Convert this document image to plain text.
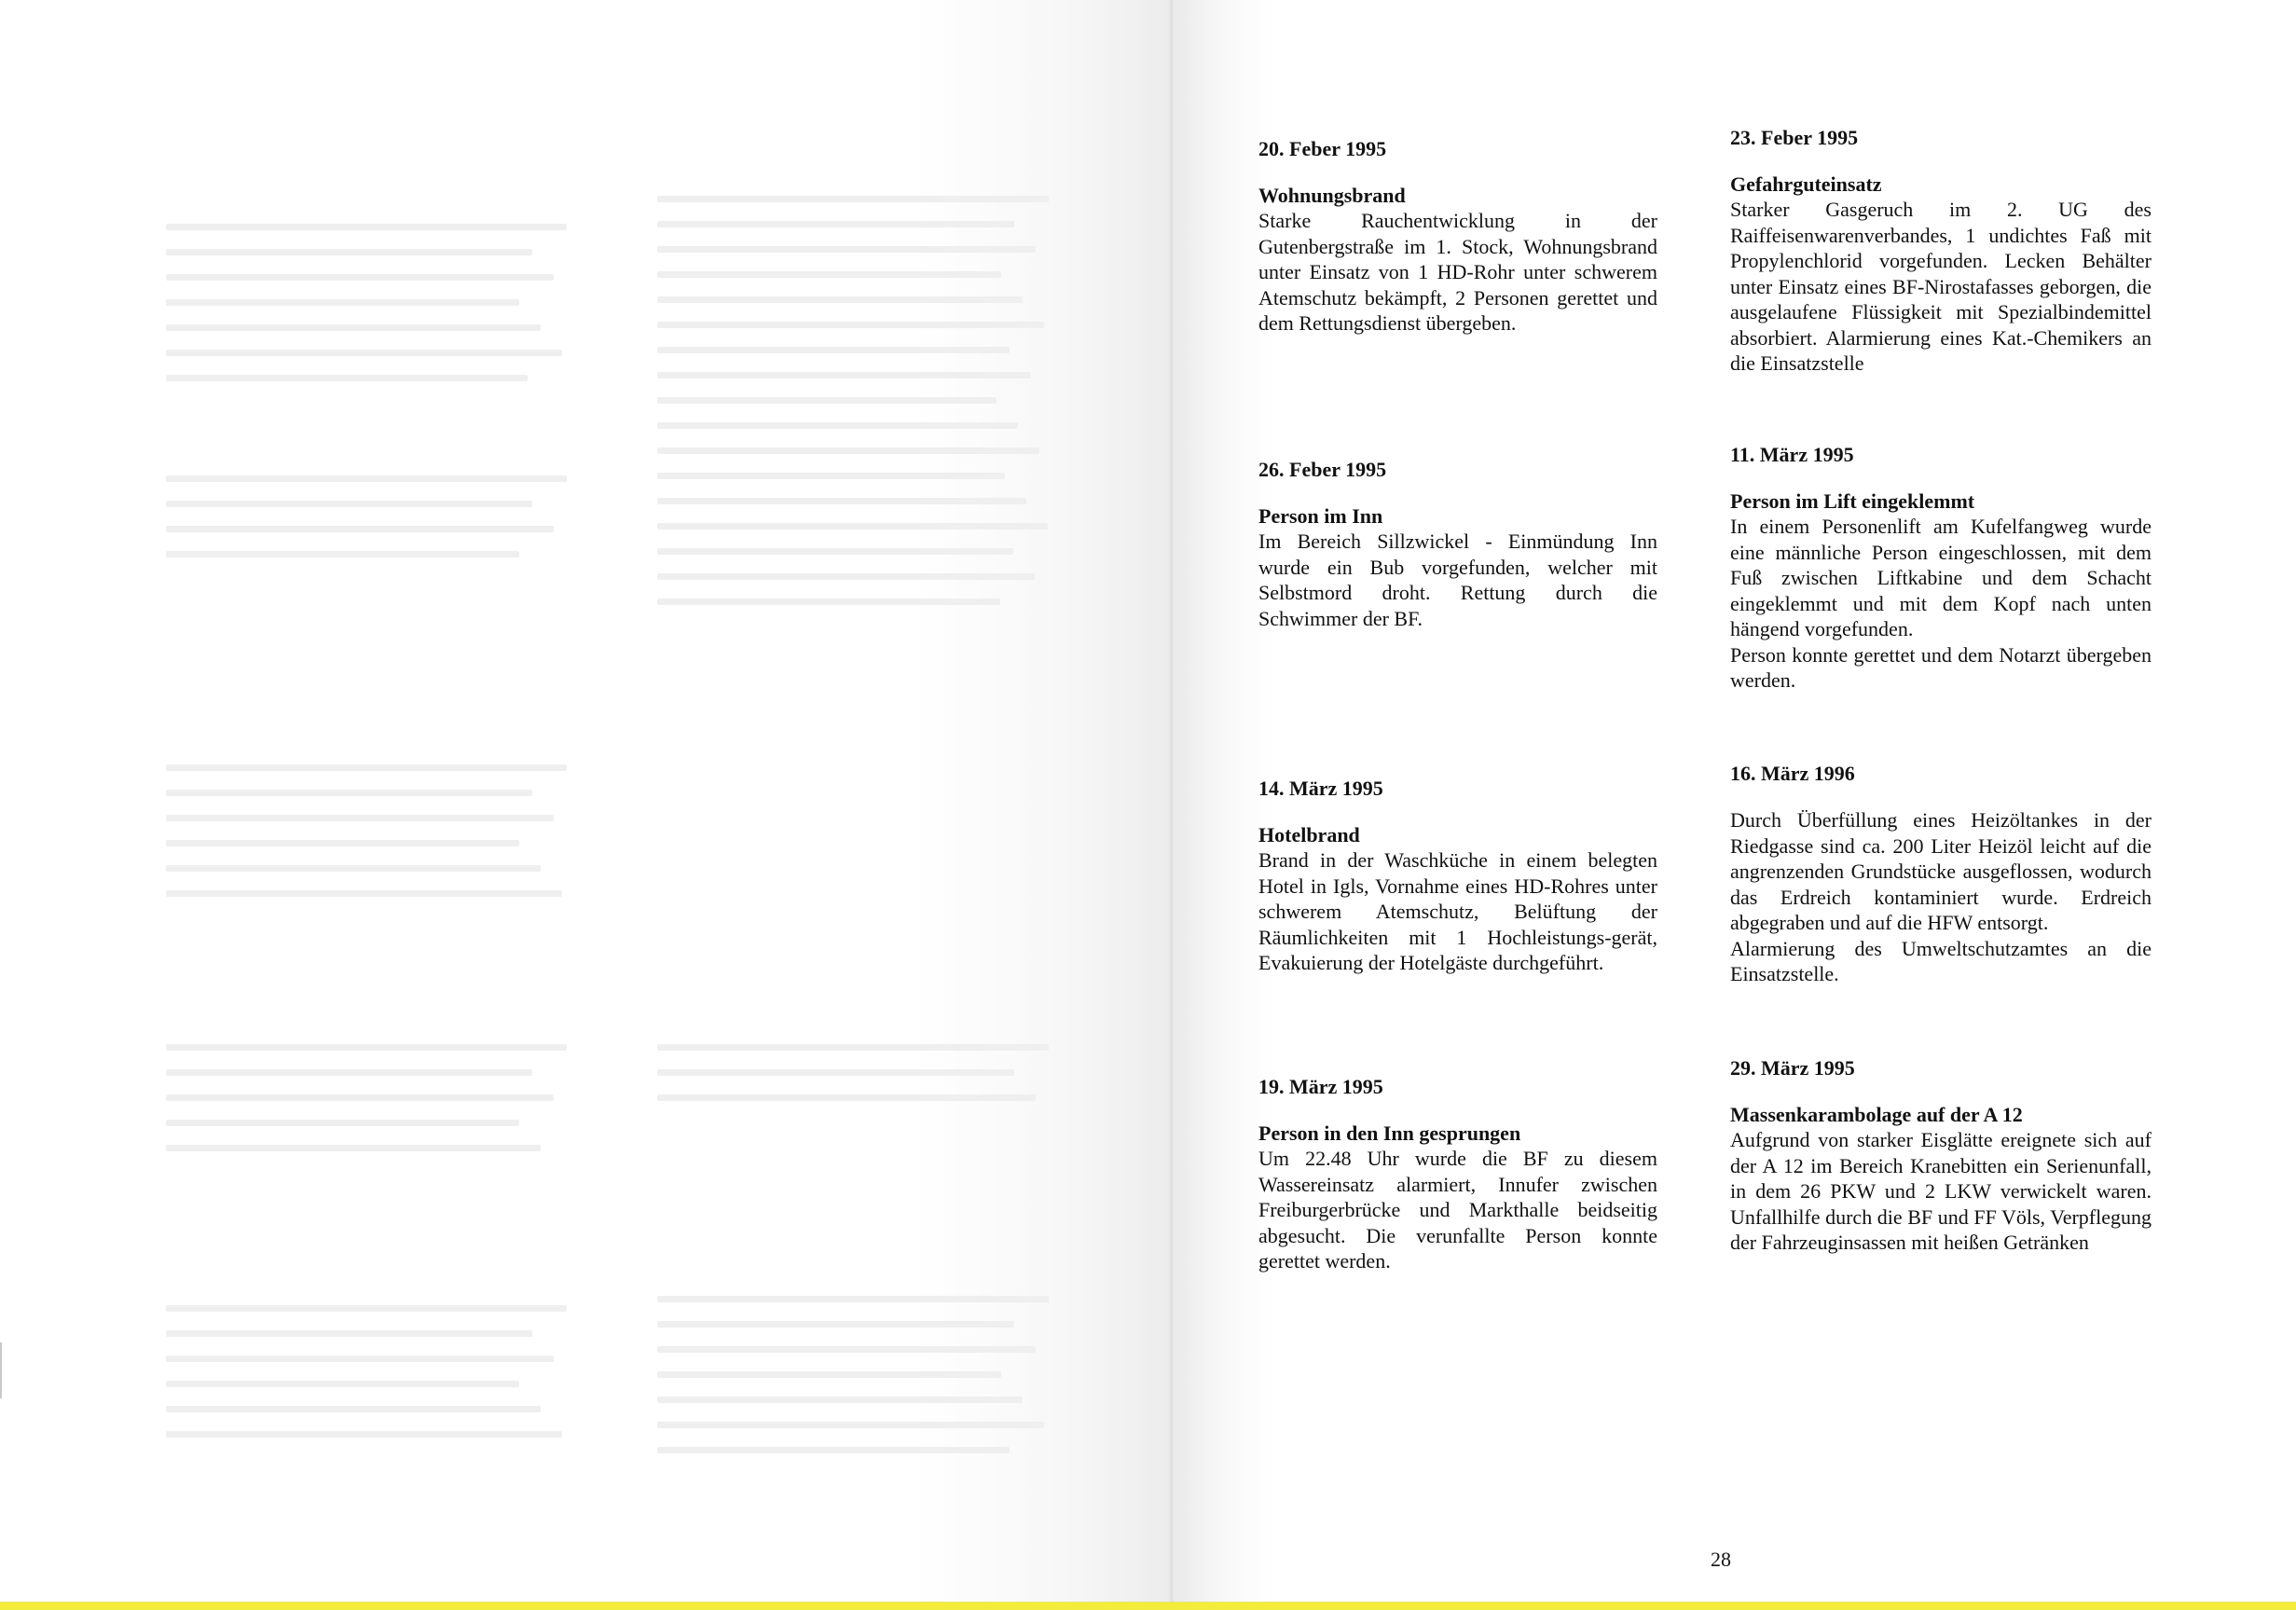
20. Feber 1995

Wohnungsbrand

Starke Rauchentwicklung in der Gutenbergstraße im 1. Stock, Wohnungsbrand unter Einsatz von 1 HD-Rohr unter schwerem Atemschutz bekämpft, 2 Personen gerettet und dem Rettungsdienst übergeben.

26. Feber 1995

Person im Inn

Im Bereich Sillzwickel - Einmündung Inn wurde ein Bub vorgefunden, welcher mit Selbstmord droht. Rettung durch die Schwimmer der BF.

14. März 1995

Hotelbrand

Brand in der Waschküche in einem belegten Hotel in Igls, Vornahme eines HD-Rohres unter schwerem Atemschutz, Belüftung der Räumlichkeiten mit 1 Hochleistungs-gerät, Evakuierung der Hotelgäste durchgeführt.

19. März 1995

Person in den Inn gesprungen

Um 22.48 Uhr wurde die BF zu diesem Wassereinsatz alarmiert, Innufer zwischen Freiburgerbrücke und Markthalle beidseitig abgesucht. Die verunfallte Person konnte gerettet werden.

23. Feber 1995

Gefahrguteinsatz

Starker Gasgeruch im 2. UG des Raiffeisenwarenverbandes, 1 undichtes Faß mit Propylenchlorid vorgefunden. Lecken Behälter unter Einsatz eines BF-Nirostafasses geborgen, die ausgelaufene Flüssigkeit mit Spezialbindemittel absorbiert. Alarmierung eines Kat.-Chemikers an die Einsatzstelle

11. März 1995

Person im Lift eingeklemmt

In einem Personenlift am Kufelfangweg wurde eine männliche Person eingeschlossen, mit dem Fuß zwischen Liftkabine und dem Schacht eingeklemmt und mit dem Kopf nach unten hängend vorgefunden.
Person konnte gerettet und dem Notarzt übergeben werden.

16. März 1996

Durch Überfüllung eines Heizöltankes in der Riedgasse sind ca. 200 Liter Heizöl leicht auf die angrenzenden Grundstücke ausgeflossen, wodurch das Erdreich kontaminiert wurde. Erdreich abgegraben und auf die HFW entsorgt.
Alarmierung des Umweltschutzamtes an die Einsatzstelle.

29. März 1995

Massenkarambolage auf der A 12

Aufgrund von starker Eisglätte ereignete sich auf der A 12 im Bereich Kranebitten ein Serienunfall, in dem 26 PKW und 2 LKW verwickelt waren. Unfallhilfe durch die BF und FF Völs, Verpflegung der Fahrzeuginsassen mit heißen Getränken

28
